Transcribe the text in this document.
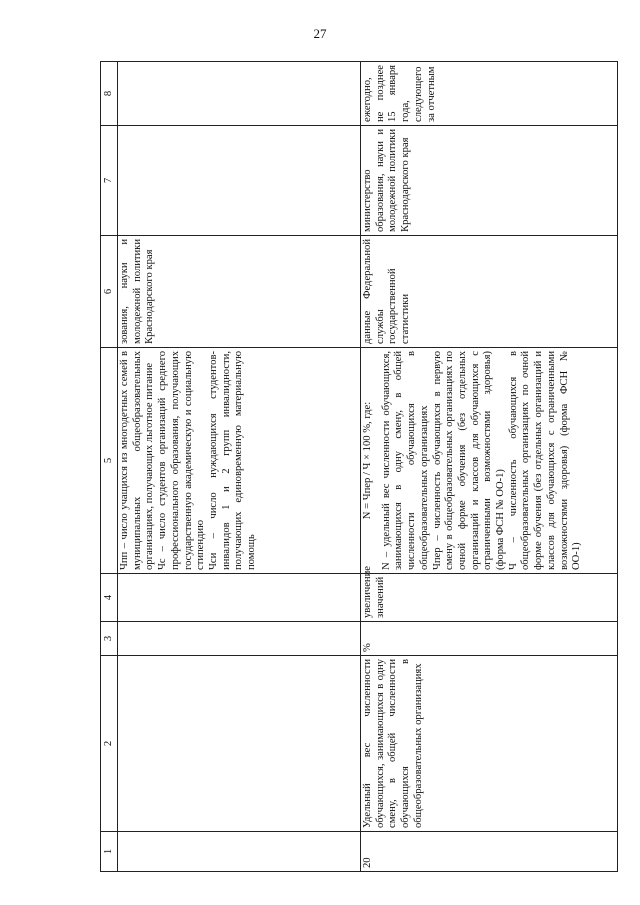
27
1	2	3	4	5	6	7	8

				Чпп – число учащихся из многодетных семей в муниципальных общеобразовательных организациях, получающих льготное питание Чс – число студентов организаций среднего профессионального образования, получающих государственную академическую и социальную стипендию Чси – число нуждающихся студентов-инвалидов 1 и 2 групп инвалидности, получающих единовременную материальную помощь	зования, науки и молодежной политики Краснодарского края		
20	Удельный вес численности обучающихся, занимающихся в одну смену, в общей численности обучающихся в общеобразовательных организациях	%	увеличение значений	N = Чпер / Ч × 100 %, где: N – удельный вес численности обучающихся, занимающихся в одну смену, в общей численности обучающихся в общеобразовательных организациях Чпер – численность обучающихся в первую смену в общеобразовательных организациях по очной форме обучения (без отдельных организаций и классов для обучающихся с ограниченными возможностями здоровья) (форма ФСН № ОО-1) Ч – численность обучающихся в общеобразовательных организациях по очной форме обучения (без отдельных организаций и классов для обучающихся с ограниченными возможностями здоровья) (форма ФСН № ОО-1)	данные Федеральной службы государственной статистики	министерство образования, науки и молодежной политики Краснодарского края	ежегодно, не позднее 15 января года, следующего за отчетным
